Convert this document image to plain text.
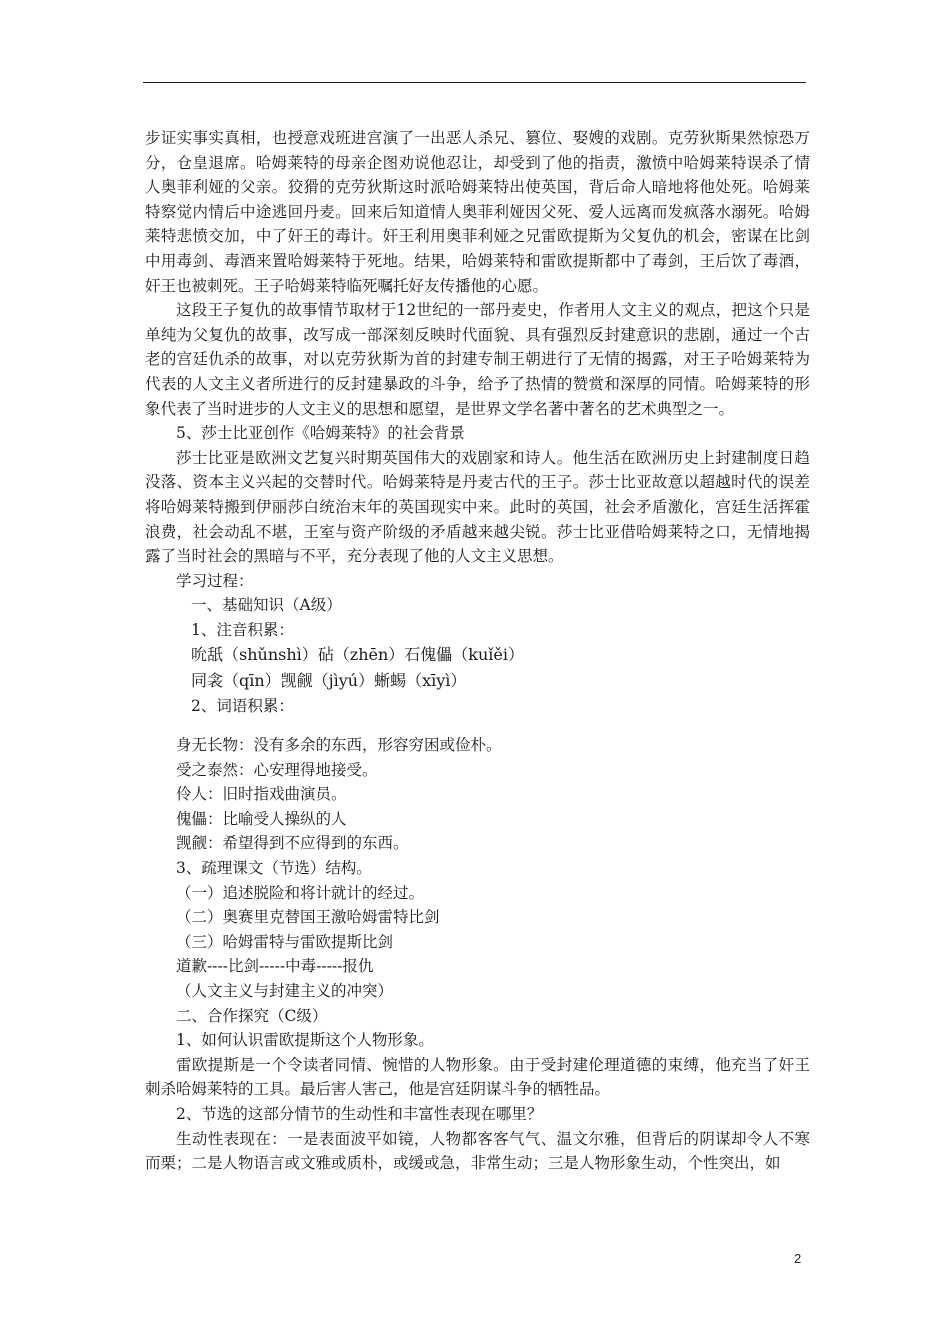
步证实事实真相，也授意戏班进宫演了一出恶人杀兄、篡位、娶嫂的戏剧。克劳狄斯果然惊恐万分，仓皇退席。哈姆莱特的母亲企图劝说他忍让，却受到了他的指责，激愤中哈姆莱特误杀了情人奥菲利娅的父亲。狡猾的克劳狄斯这时派哈姆莱特出使英国，背后命人暗地将他处死。哈姆莱特察觉内情后中途逃回丹麦。回来后知道情人奥菲利娅因父死、爱人远离而发疯落水溺死。哈姆莱特悲愤交加，中了奸王的毒计。奸王利用奥菲利娅之兄雷欧提斯为父复仇的机会，密谋在比剑中用毒剑、毒酒来置哈姆莱特于死地。结果，哈姆莱特和雷欧提斯都中了毒剑，王后饮了毒酒，奸王也被刺死。王子哈姆莱特临死嘱托好友传播他的心愿。

这段王子复仇的故事情节取材于12世纪的一部丹麦史，作者用人文主义的观点，把这个只是单纯为父复仇的故事，改写成一部深刻反映时代面貌、具有强烈反封建意识的悲剧，通过一个古老的宫廷仇杀的故事，对以克劳狄斯为首的封建专制王朝进行了无情的揭露，对王子哈姆莱特为代表的人文主义者所进行的反封建暴政的斗争，给予了热情的赞赏和深厚的同情。哈姆莱特的形象代表了当时进步的人文主义的思想和愿望，是世界文学名著中著名的艺术典型之一。

5、莎士比亚创作《哈姆莱特》的社会背景

莎士比亚是欧洲文艺复兴时期英国伟大的戏剧家和诗人。他生活在欧洲历史上封建制度日趋没落、资本主义兴起的交替时代。哈姆莱特是丹麦古代的王子。莎士比亚故意以超越时代的误差将哈姆莱特搬到伊丽莎白统治末年的英国现实中来。此时的英国，社会矛盾激化，宫廷生活挥霍浪费，社会动乱不堪，王室与资产阶级的矛盾越来越尖锐。莎士比亚借哈姆莱特之口，无情地揭露了当时社会的黑暗与不平，充分表现了他的人文主义思想。

学习过程：

一、基础知识（A级）

1、注音积累：

吮舐（shǔnshì）砧（zhēn）石傀儡（kuǐěi）

同衾（qīn）觊觎（jìyú）蜥蜴（xīyì）

2、词语积累：

身无长物：没有多余的东西，形容穷困或俭朴。

受之泰然：心安理得地接受。

伶人：旧时指戏曲演员。

傀儡：比喻受人操纵的人

觊觎：希望得到不应得到的东西。

3、疏理课文（节选）结构。

（一）追述脱险和将计就计的经过。

（二）奥赛里克替国王激哈姆雷特比剑

（三）哈姆雷特与雷欧提斯比剑

道歉----比剑-----中毒-----报仇

（人文主义与封建主义的冲突）

二、合作探究（C级）

1、如何认识雷欧提斯这个人物形象。

雷欧提斯是一个令读者同情、惋惜的人物形象。由于受封建伦理道德的束缚，他充当了奸王刺杀哈姆莱特的工具。最后害人害己，他是宫廷阴谋斗争的牺牲品。

2、节选的这部分情节的生动性和丰富性表现在哪里？

生动性表现在：一是表面波平如镜，人物都客客气气、温文尔雅，但背后的阴谋却令人不寒而栗；二是人物语言或文雅或质朴，或缓或急，非常生动；三是人物形象生动，个性突出，如

2
